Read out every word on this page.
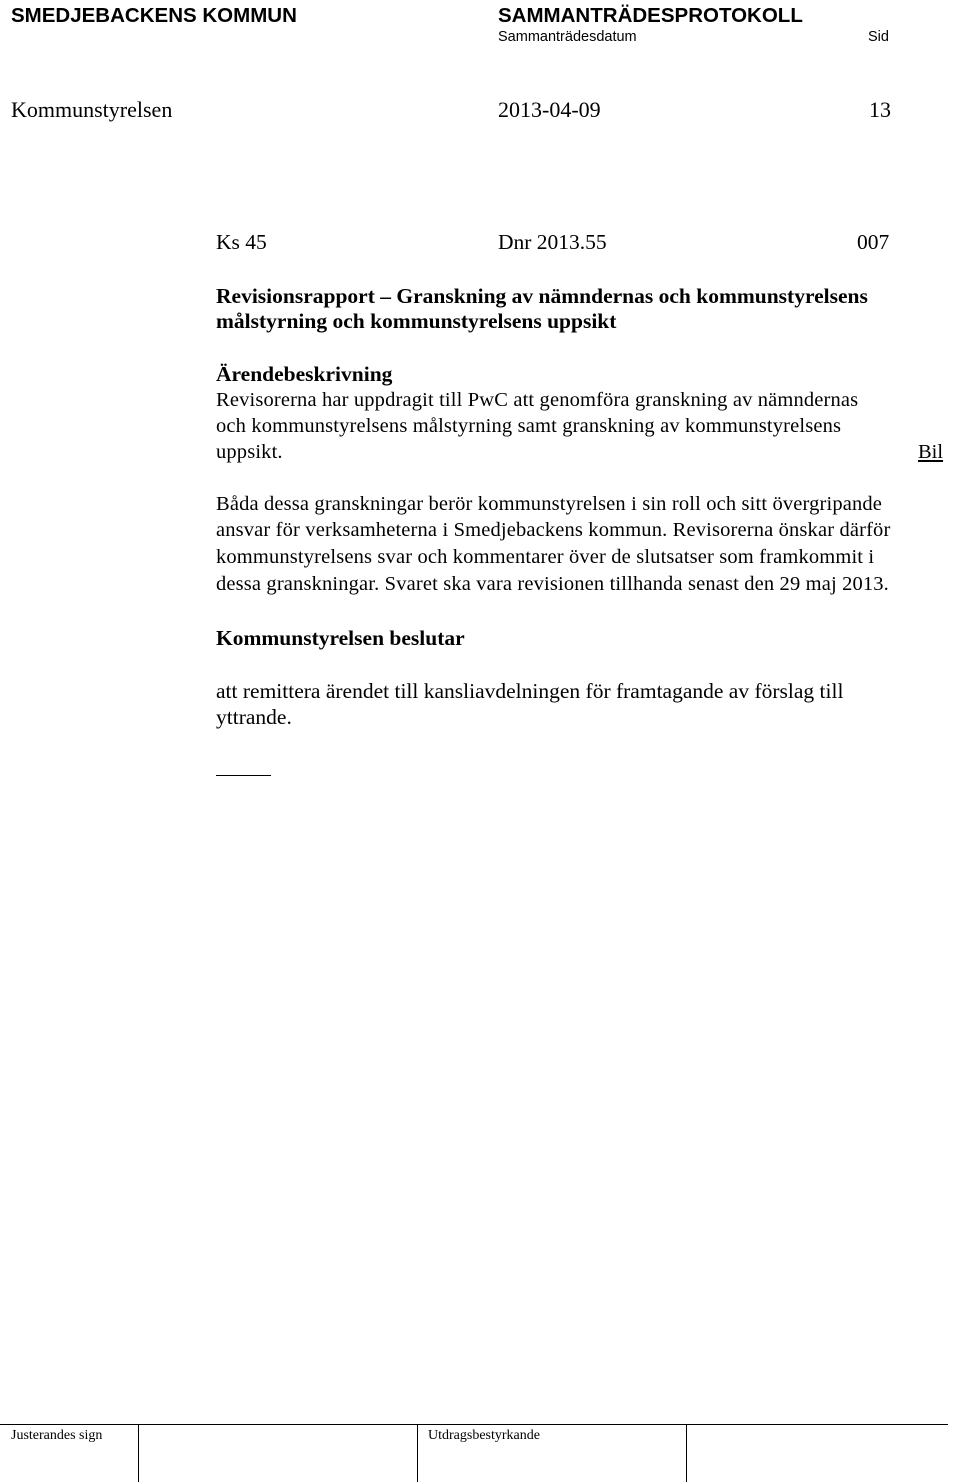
SMEDJEBACKENS KOMMUN	SAMMANTRÄDESPROTOKOLL
Sammanträdesdatum	Sid
Kommunstyrelsen	2013-04-09	13
Ks 45	Dnr 2013.55	007
Revisionsrapport – Granskning av nämndernas och kommunstyrelsens
målstyrning och kommunstyrelsens uppsikt
Ärendebeskrivning
Revisorerna har uppdragit till PwC att genomföra granskning av nämndernas
och kommunstyrelsens målstyrning samt granskning av kommunstyrelsens
uppsikt.	Bil
Båda dessa granskningar berör kommunstyrelsen i sin roll och sitt övergripande
ansvar för verksamheterna i Smedjebackens kommun. Revisorerna önskar därför
kommunstyrelsens svar och kommentarer över de slutsatser som framkommit i
dessa granskningar. Svaret ska vara revisionen tillhanda senast den 29 maj 2013.
Kommunstyrelsen beslutar
att remittera ärendet till kansliavdelningen för framtagande av förslag till
yttrande.
Justerandes sign	Utdragsbestyrkande
